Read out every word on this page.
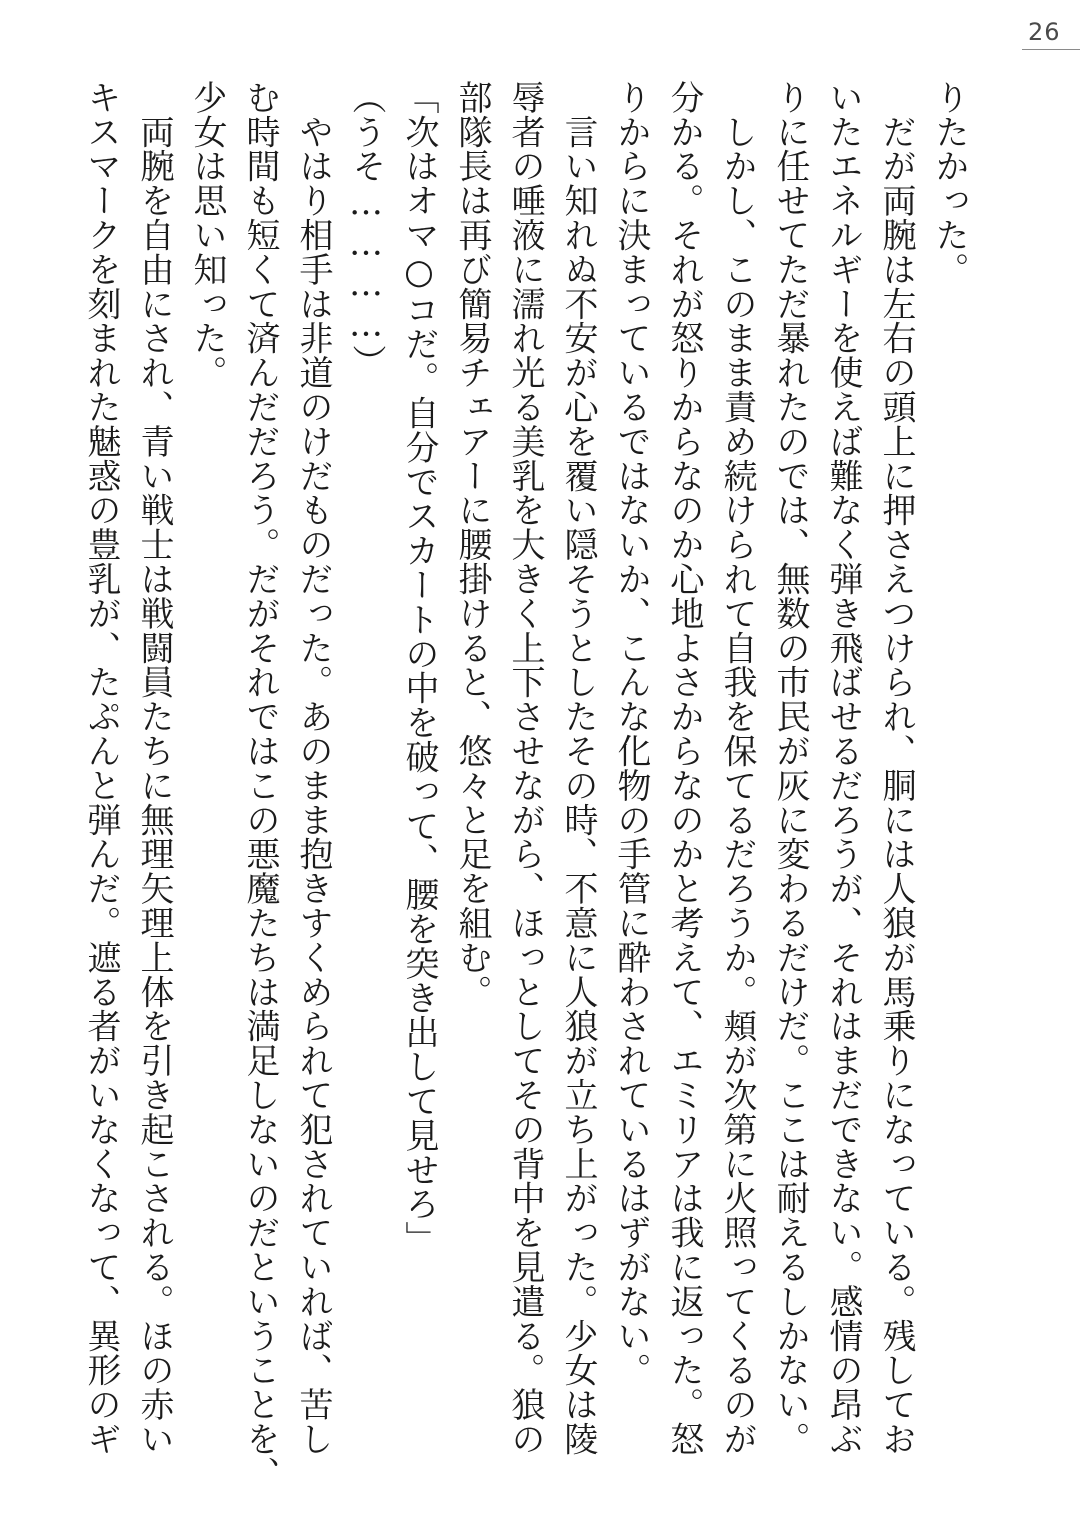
26

りたかった。

　だが両腕は左右の頭上に押さえつけられ、胴には人狼が馬乗りになっている。残してお

いたエネルギーを使えば難なく弾き飛ばせるだろうが、それはまだできない。感情の昂ぶ

りに任せてただ暴れたのでは、無数の市民が灰に変わるだけだ。ここは耐えるしかない。

　しかし、このまま責め続けられて自我を保てるだろうか。頬が次第に火照ってくるのが

分かる。それが怒りからなのか心地よさからなのかと考えて、エミリアは我に返った。怒

りからに決まっているではないか、こんな化物の手管に酔わされているはずがない。

　言い知れぬ不安が心を覆い隠そうとしたその時、不意に人狼が立ち上がった。少女は陵

辱者の唾液に濡れ光る美乳を大きく上下させながら、ほっとしてその背中を見遣る。狼の

部隊長は再び簡易チェアーに腰掛けると、悠々と足を組む。

「次はオマ○コだ。自分でスカートの中を破って、腰を突き出して見せろ」

（うそ…………）

　やはり相手は非道のけだものだった。あのまま抱きすくめられて犯されていれば、苦し

む時間も短くて済んだだろう。だがそれではこの悪魔たちは満足しないのだということを、

少女は思い知った。

　両腕を自由にされ、青い戦士は戦闘員たちに無理矢理上体を引き起こされる。ほの赤い

キスマークを刻まれた魅惑の豊乳が、たぷんと弾んだ。遮る者がいなくなって、異形のギ
